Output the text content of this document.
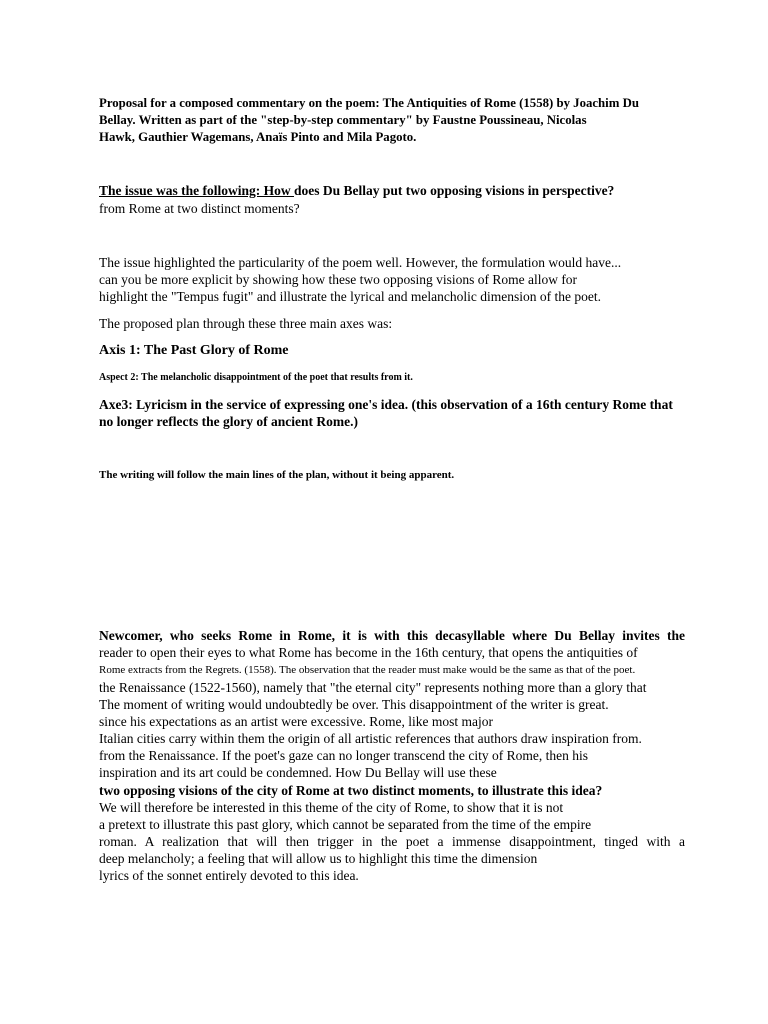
Proposal for a composed commentary on the poem: The Antiquities of Rome (1558) by Joachim Du
Bellay. Written as part of the "step-by-step commentary" by Faustne Poussineau, Nicolas
Hawk, Gauthier Wagemans, Anaïs Pinto and Mila Pagoto.
The issue was the following: How does Du Bellay put two opposing visions in perspective?
from Rome at two distinct moments?
The issue highlighted the particularity of the poem well. However, the formulation would have...
can you be more explicit by showing how these two opposing visions of Rome allow for
highlight the "Tempus fugit" and illustrate the lyrical and melancholic dimension of the poet.
The proposed plan through these three main axes was:
Axis 1: The Past Glory of Rome
Aspect 2: The melancholic disappointment of the poet that results from it.
Axe3: Lyricism in the service of expressing one's idea. (this observation of a 16th century Rome that
no longer reflects the glory of ancient Rome.)
The writing will follow the main lines of the plan, without it being apparent.
Newcomer, who seeks Rome in Rome, it is with this decasyllable where Du Bellay invites the
reader to open their eyes to what Rome has become in the 16th century, that opens the antiquities of
Rome extracts from the Regrets. (1558). The observation that the reader must make would be the same as that of the poet.
the Renaissance (1522-1560), namely that "the eternal city" represents nothing more than a glory that
The moment of writing would undoubtedly be over. This disappointment of the writer is great.
since his expectations as an artist were excessive. Rome, like most major
Italian cities carry within them the origin of all artistic references that authors draw inspiration from.
from the Renaissance. If the poet's gaze can no longer transcend the city of Rome, then his
inspiration and its art could be condemned. How Du Bellay will use these
two opposing visions of the city of Rome at two distinct moments, to illustrate this idea?
We will therefore be interested in this theme of the city of Rome, to show that it is not
a pretext to illustrate this past glory, which cannot be separated from the time of the empire
roman. A realization that will then trigger in the poet a immense disappointment, tinged with a
deep melancholy; a feeling that will allow us to highlight this time the dimension
lyrics of the sonnet entirely devoted to this idea.
